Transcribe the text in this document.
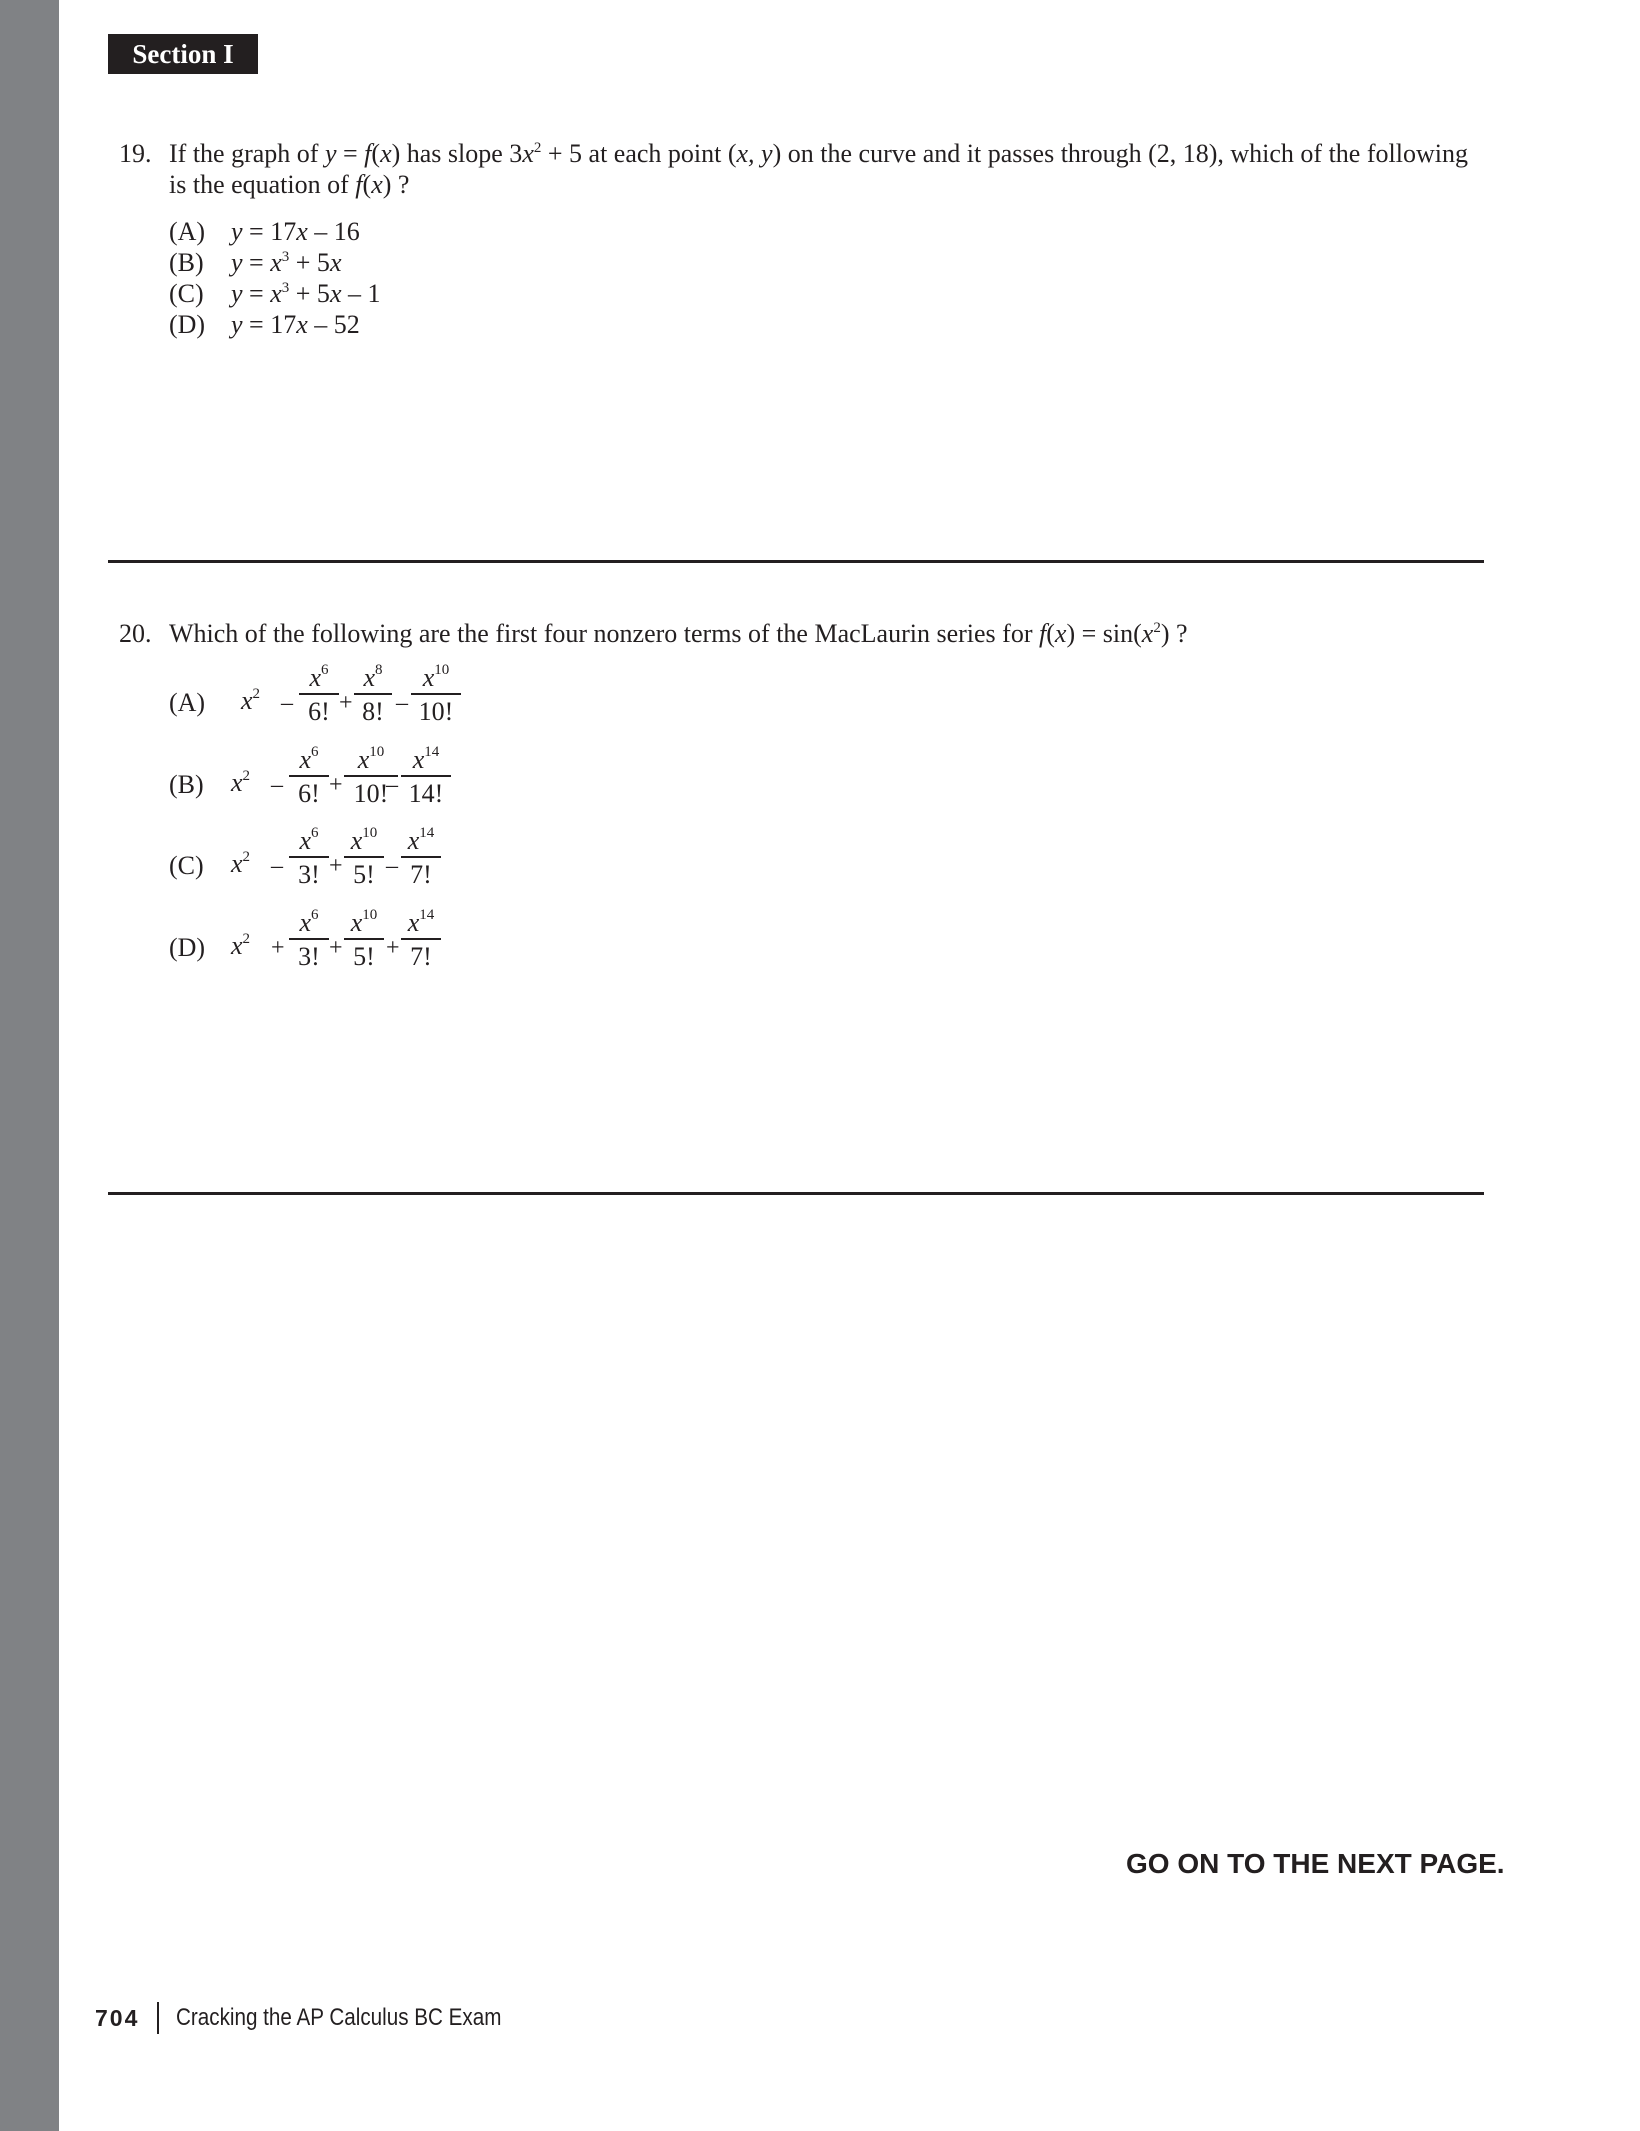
Section I
19. If the graph of y = f(x) has slope $3x^2 + 5$ at each point (x, y) on the curve and it passes through (2, 18), which of the following
is the equation of f(x) ?
(A) y = 17x – 16
(B)	$y = x^3 + 5x$
(C)	$y = x^3 + 5x - 1$
(D) y = 17x – 52
20. Which of the following are the first four nonzero terms of the MacLaurin series for $f(x) = \sin(x^2)$ ?
(A) $x^2$ –
$x^6$
6! +
$x^8$
8! –
$x^{10}$
10!
(B) $x^2$ –
$x^6$
6! +
$x^{10}$
10!
–
$x^{14}$
14!
(C) $x^2$ –
$x^6$
3! +
$x^{10}$
5! –
$x^{14}$
7!
(D) $x^2$ +
$x^6$
3! +
$x^{10}$
5! +
$x^{14}$
7!
GO ON TO THE NEXT PAGE.
704 Cracking the AP Calculus BC Exam
